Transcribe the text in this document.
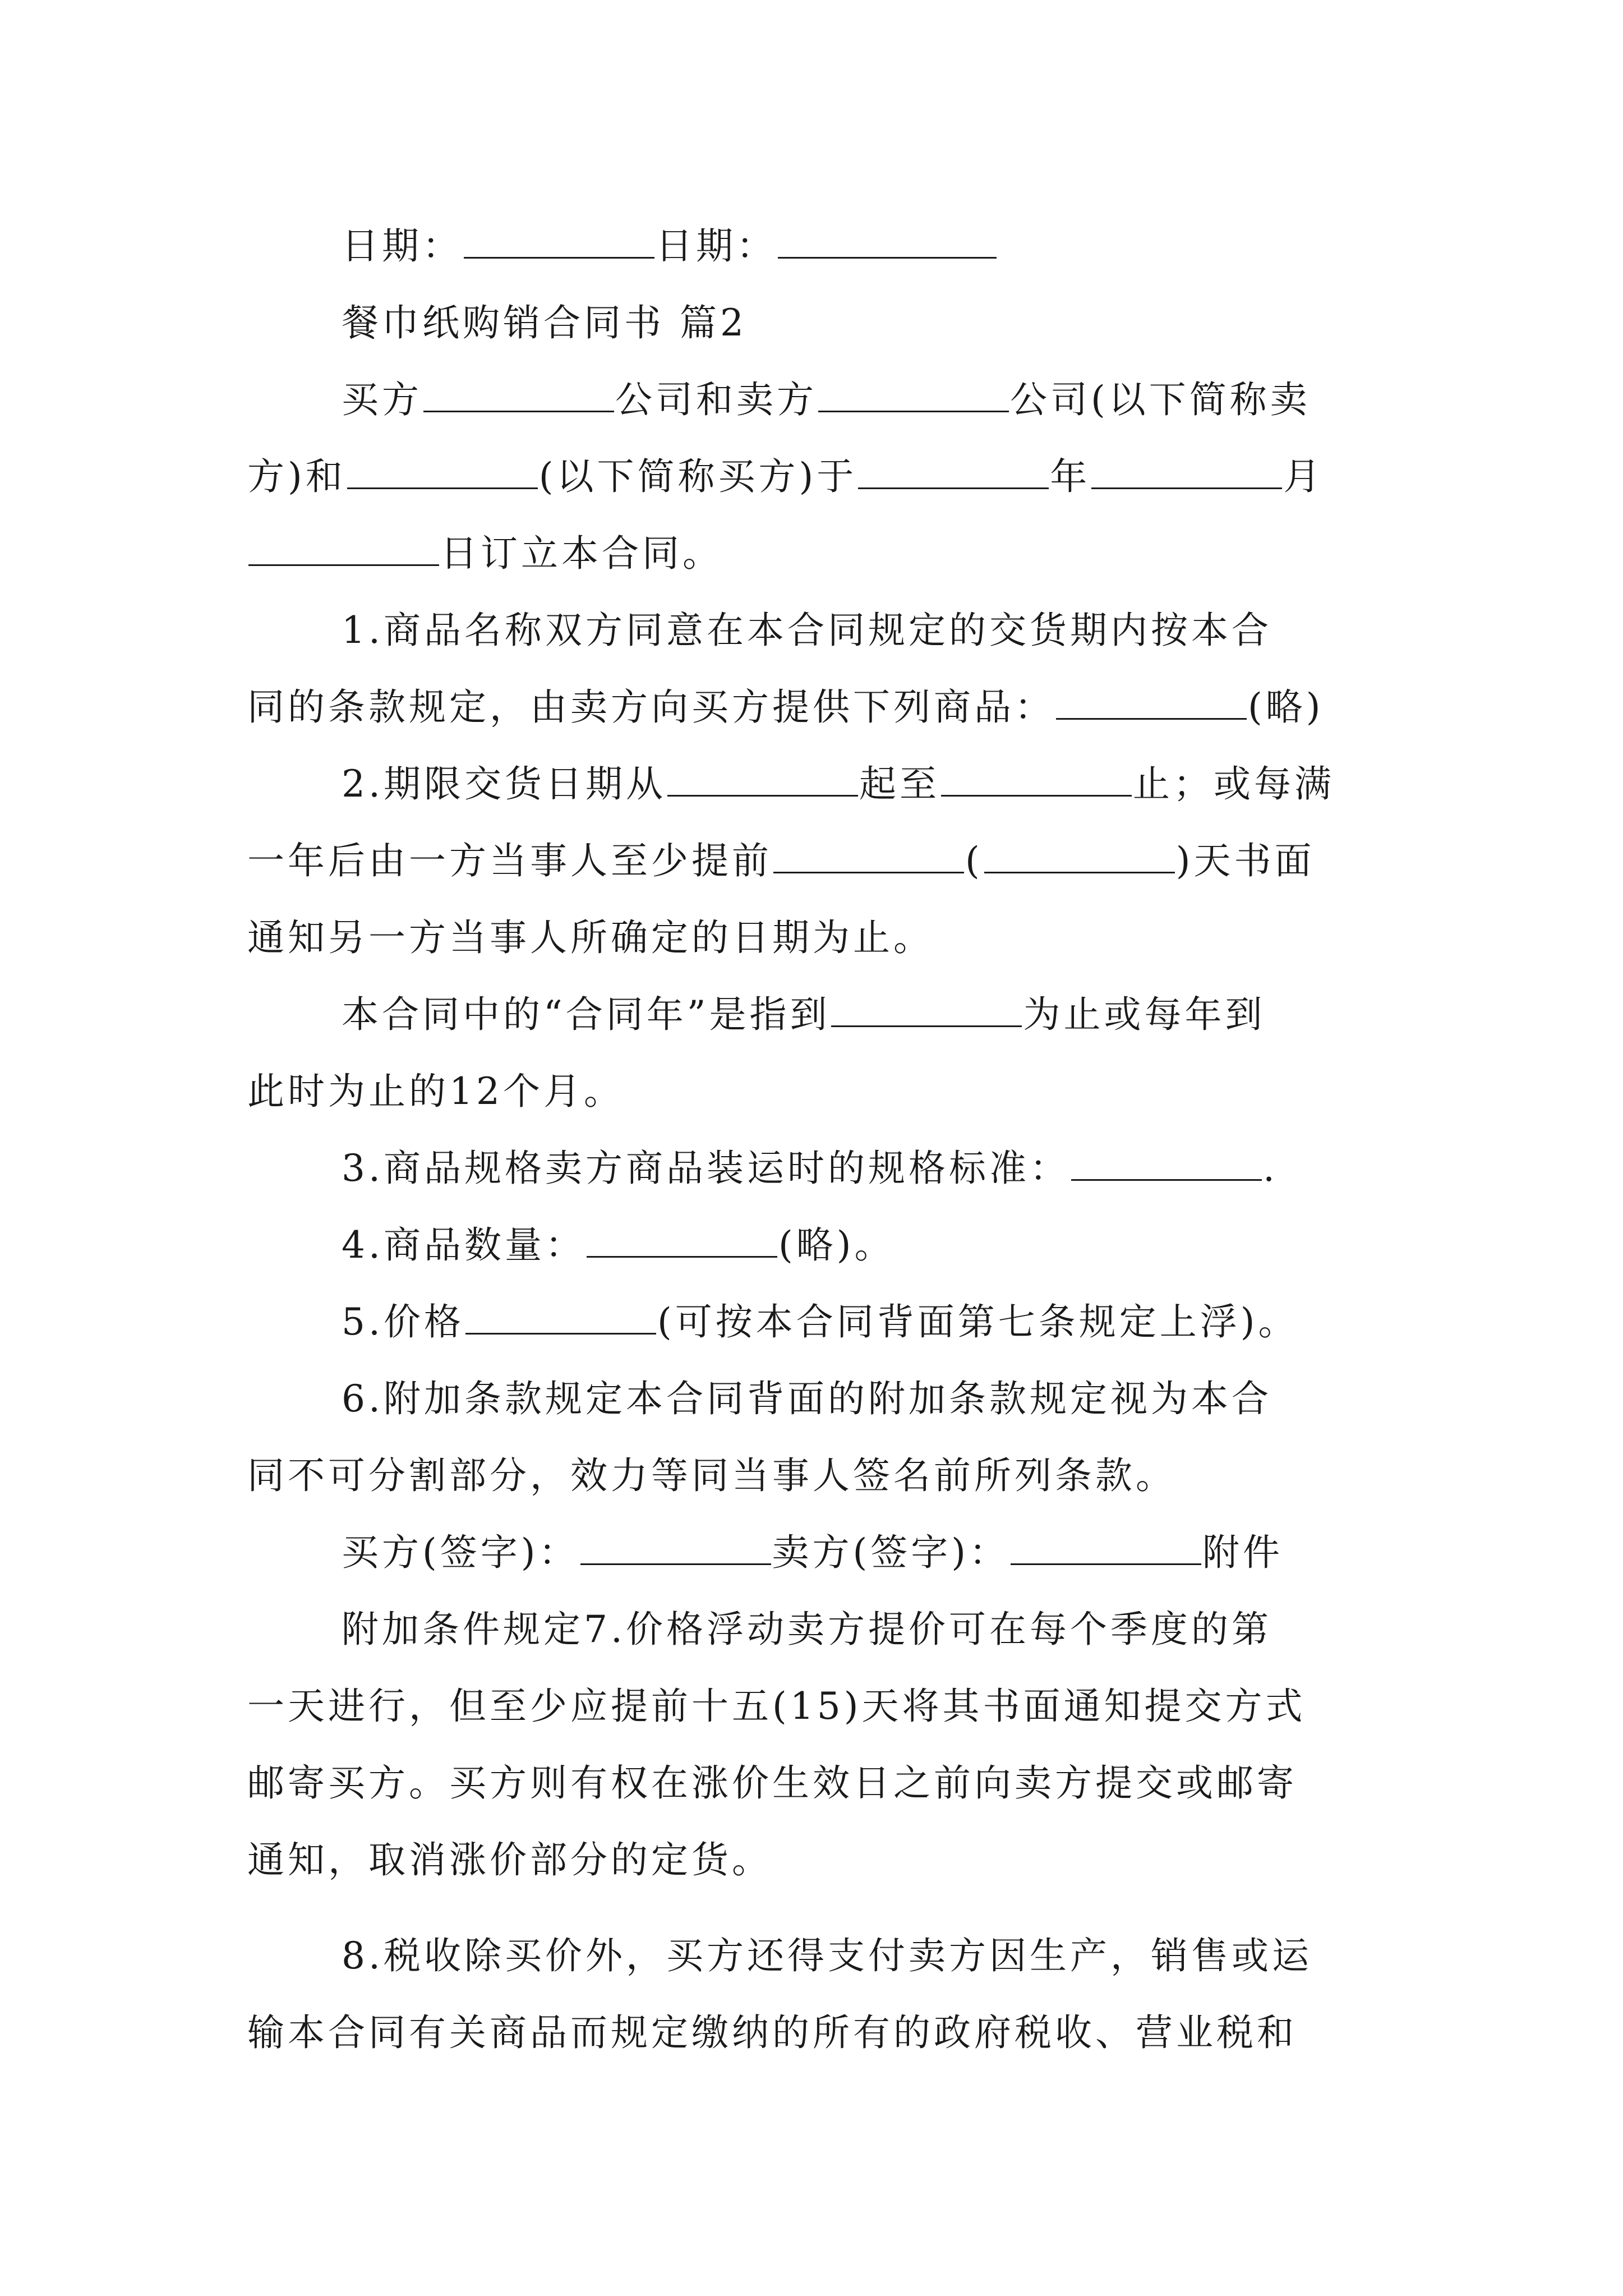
日期：	日期：
餐巾纸购销合同书 篇2
买方	公司和卖方	公司(以下简称卖
方)和	(以下简称买方)于	年	月
日订立本合同。
1.商品名称双方同意在本合同规定的交货期内按本合
同的条款规定，由卖方向买方提供下列商品：	(略)
2.期限交货日期从	起至	止；或每满
一年后由一方当事人至少提前	(	)天书面
通知另一方当事人所确定的日期为止。
本合同中的“合同年”是指到	为止或每年到
此时为止的12个月。
3.商品规格卖方商品装运时的规格标准：	.
4.商品数量：	(略)。
5.价格	(可按本合同背面第七条规定上浮)。
6.附加条款规定本合同背面的附加条款规定视为本合
同不可分割部分，效力等同当事人签名前所列条款。
买方(签字)：	卖方(签字)：	附件
附加条件规定7.价格浮动卖方提价可在每个季度的第
一天进行，但至少应提前十五(15)天将其书面通知提交方式
邮寄买方。买方则有权在涨价生效日之前向卖方提交或邮寄
通知，取消涨价部分的定货。
8.税收除买价外，买方还得支付卖方因生产，销售或运
输本合同有关商品而规定缴纳的所有的政府税收、营业税和
